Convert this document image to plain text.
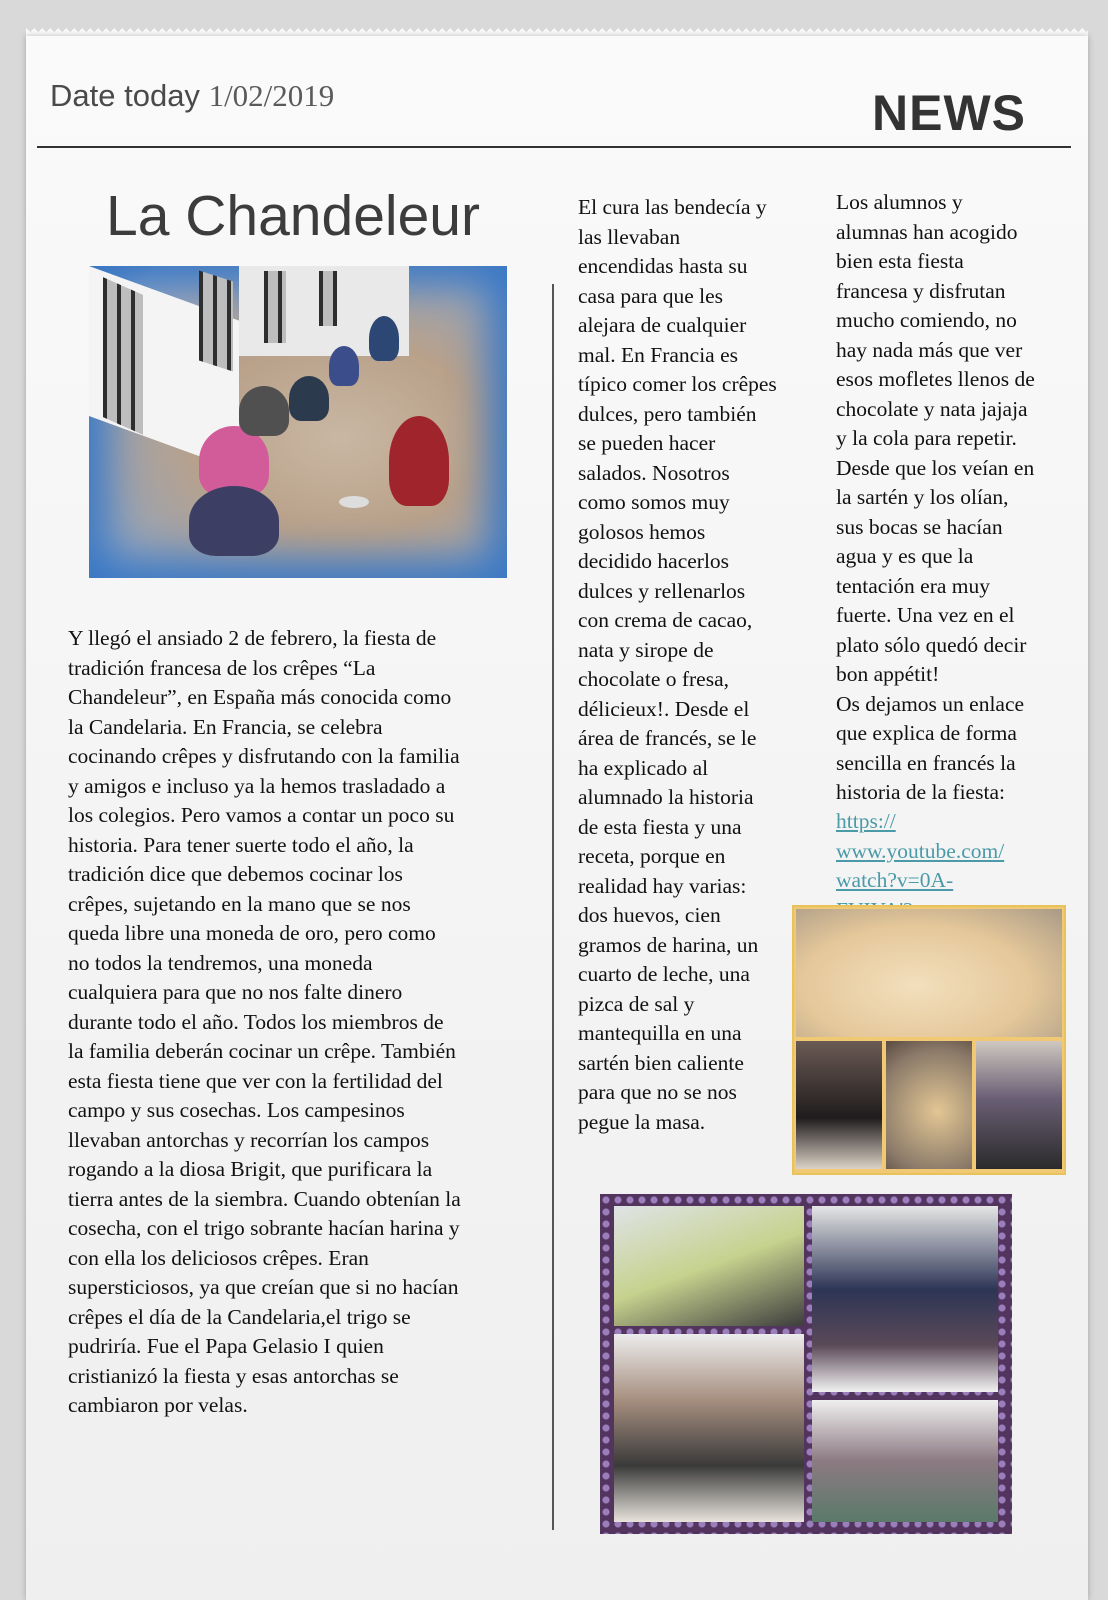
Date today 1/02/2019	NEWS
La Chandeleur
Y llegó el ansiado 2 de febrero, la fiesta de
tradición francesa de los crêpes “La
Chandeleur”, en España más conocida como
la Candelaria. En Francia, se celebra
cocinando crêpes y disfrutando con la familia
y amigos e incluso ya la hemos trasladado a
los colegios. Pero vamos a contar un poco su
historia. Para tener suerte todo el año, la
tradición dice que debemos cocinar los
crêpes, sujetando en la mano que se nos
queda libre una moneda de oro, pero como
no todos la tendremos, una moneda
cualquiera para que no nos falte dinero
durante todo el año. Todos los miembros de
la familia deberán cocinar un crêpe. También
esta fiesta tiene que ver con la fertilidad del
campo y sus cosechas. Los campesinos
llevaban antorchas y recorrían los campos
rogando a la diosa Brigit, que purificara la
tierra antes de la siembra. Cuando obtenían la
cosecha, con el trigo sobrante hacían harina y
con ella los deliciosos crêpes. Eran
supersticiosos, ya que creían que si no hacían
crêpes el día de la Candelaria,el trigo se
pudriría. Fue el Papa Gelasio I quien
cristianizó la fiesta y esas antorchas se
cambiaron por velas.
El cura las bendecía y
las llevaban
encendidas hasta su
casa para que les
alejara de cualquier
mal. En Francia es
típico comer los crêpes
dulces, pero también
se pueden hacer
salados. Nosotros
como somos muy
golosos hemos
decidido hacerlos
dulces y rellenarlos
con crema de cacao,
nata y sirope de
chocolate o fresa,
délicieux!. Desde el
área de francés, se le
ha explicado al
alumnado la historia
de esta fiesta y una
receta, porque en
realidad hay varias:
dos huevos, cien
gramos de harina, un
cuarto de leche, una
pizca de sal y
mantequilla en una
sartén bien caliente
para que no se nos
pegue la masa.
Los alumnos y
alumnas han acogido
bien esta fiesta
francesa y disfrutan
mucho comiendo, no
hay nada más que ver
esos mofletes llenos de
chocolate y nata jajaja
y la cola para repetir.
Desde que los veían en
la sartén y los olían,
sus bocas se hacían
agua y es que la
tentación era muy
fuerte. Una vez en el
plato sólo quedó decir
bon appétit!
Os dejamos un enlace
que explica de forma
sencilla en francés la
historia de la fiesta:
https://
www.youtube.com/
watch?v=0A-
